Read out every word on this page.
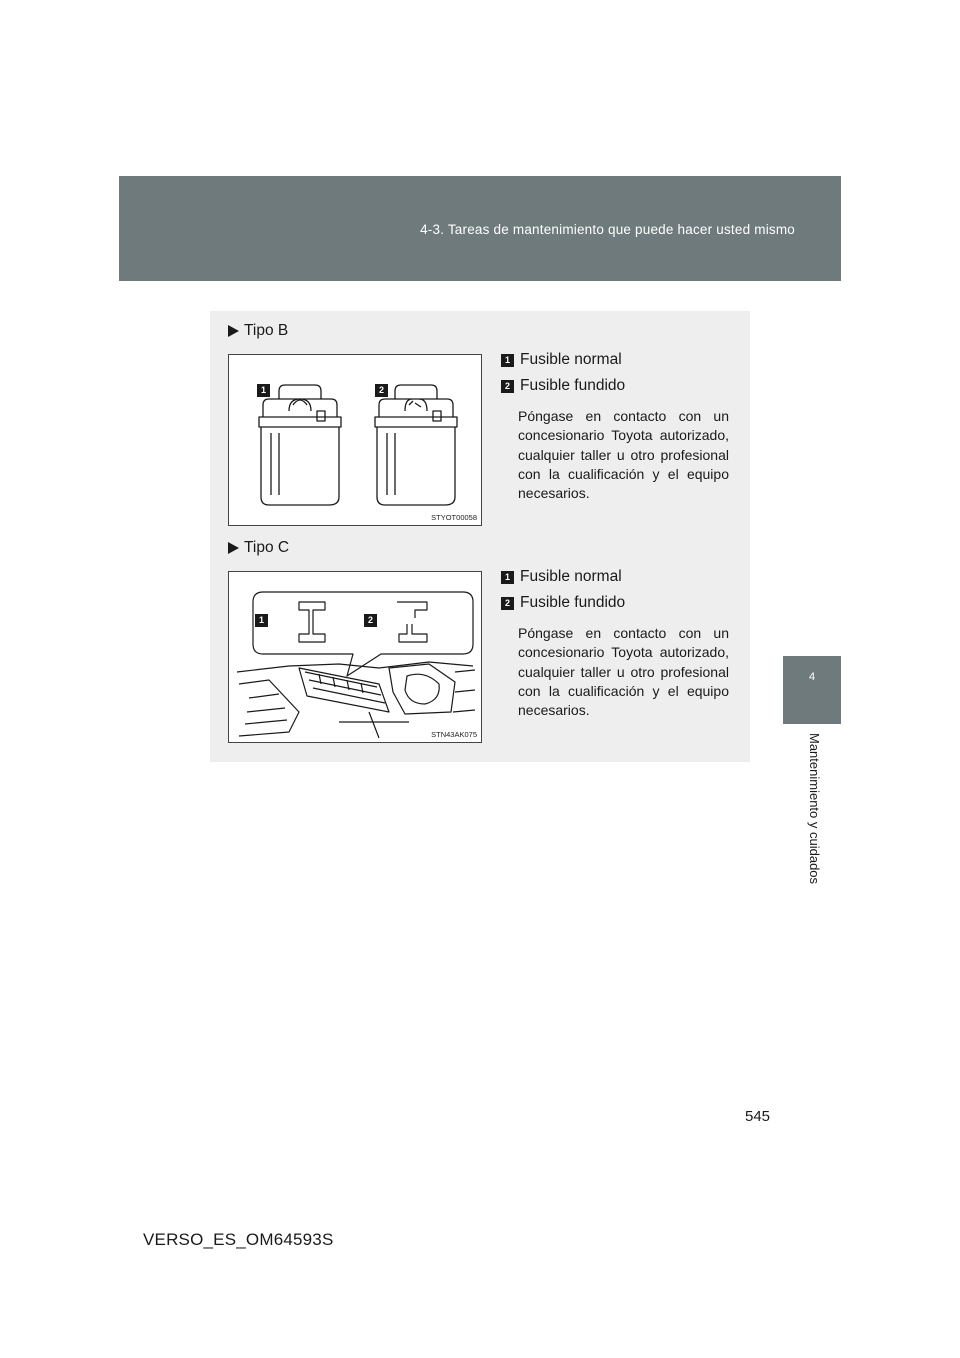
4-3. Tareas de mantenimiento que puede hacer usted mismo
4
Mantenimiento y cuidados
Tipo B
1	2
STYOT00058
1 Fusible normal
2 Fusible fundido
Póngase en contacto con un concesionario Toyota autorizado, cualquier taller u otro profesional con la cualificación y el equipo necesarios.
Tipo C
1	2
STN43AK075
1 Fusible normal
2 Fusible fundido
Póngase en contacto con un concesionario Toyota autorizado, cualquier taller u otro profesional con la cualificación y el equipo necesarios.
545
VERSO_ES_OM64593S
